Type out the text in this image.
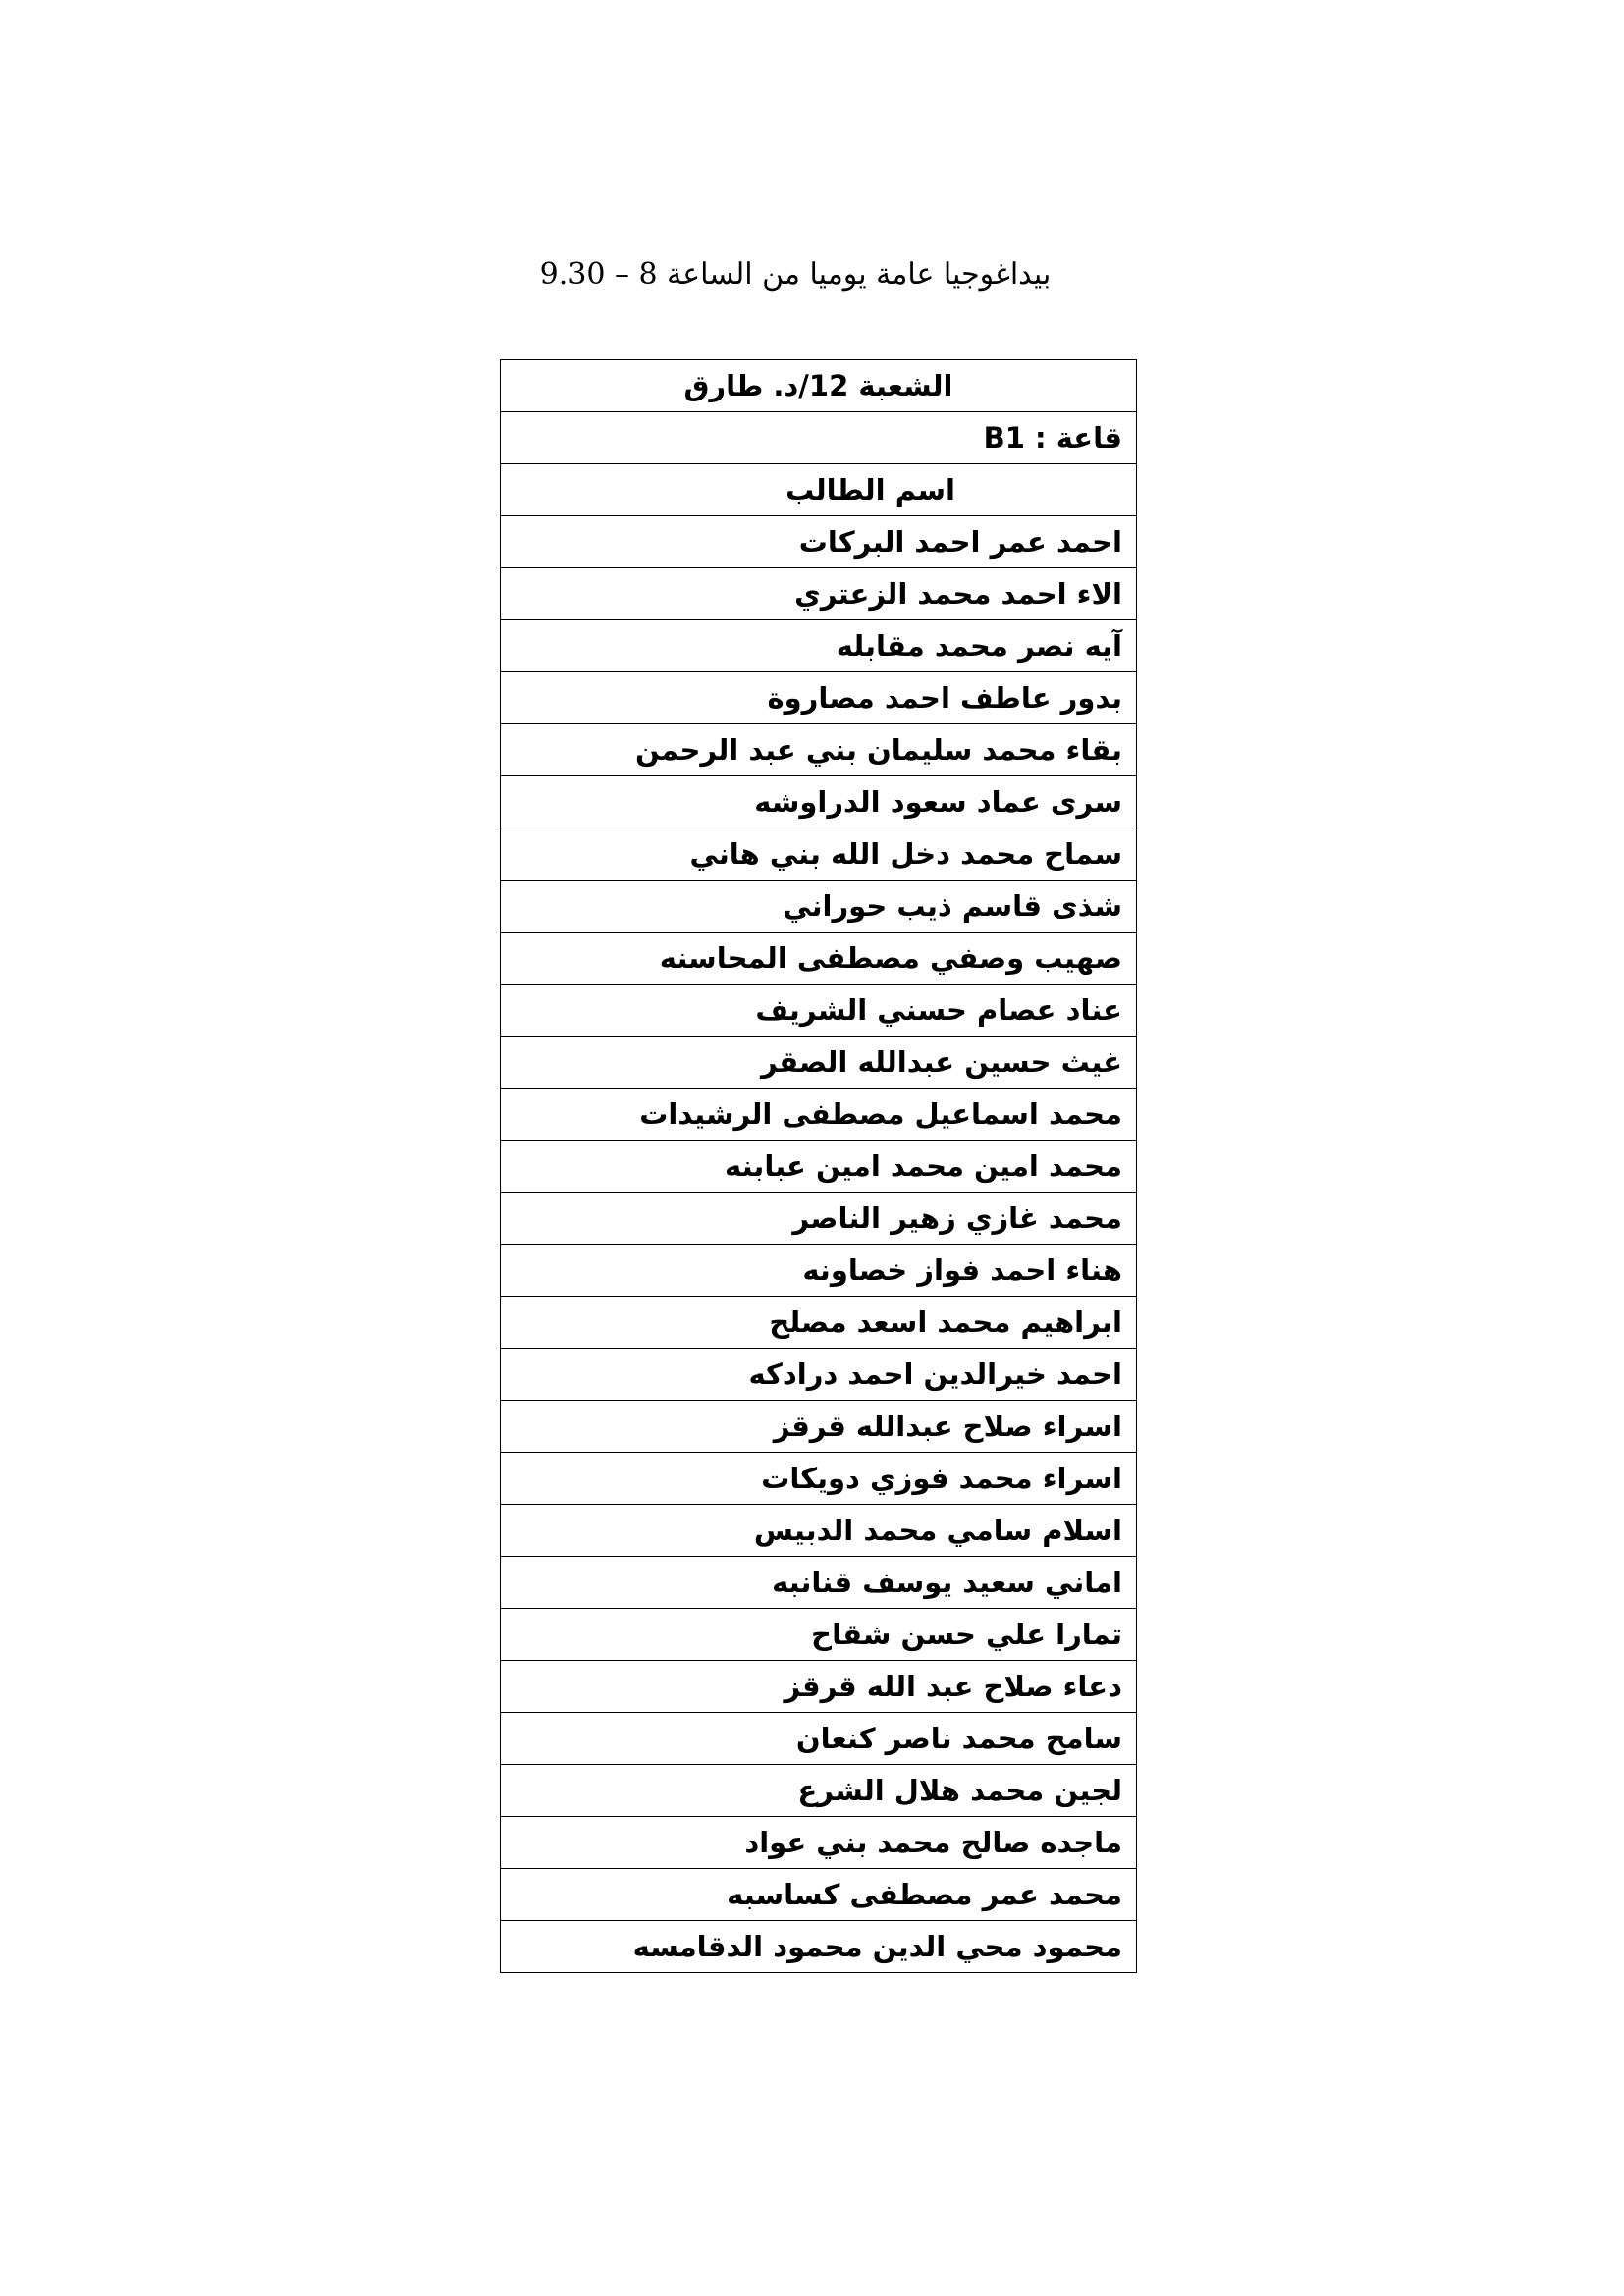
بيداغوجيا عامة يوميا من الساعة 8 – 9.30
الشعبة 12/د. طارق
قاعة : B1
اسم الطالب
احمد عمر احمد البركات
الاء احمد محمد الزعتري
آيه نصر محمد مقابله
بدور عاطف احمد مصاروة
بقاء محمد سليمان بني عبد الرحمن
سرى عماد سعود الدراوشه
سماح محمد دخل الله بني هاني
شذى قاسم ذيب حوراني
صهيب وصفي مصطفى المحاسنه
عناد عصام حسني الشريف
غيث حسين عبدالله الصقر
محمد اسماعيل مصطفى الرشيدات
محمد امين محمد امين عبابنه
محمد غازي زهير الناصر
هناء احمد فواز خصاونه
ابراهيم محمد اسعد مصلح
احمد خيرالدين احمد درادكه
اسراء صلاح عبدالله قرقز
اسراء محمد فوزي دويكات
اسلام سامي محمد الدبيس
اماني سعيد يوسف قنانبه
تمارا علي حسن شقاح
دعاء صلاح عبد الله قرقز
سامح محمد ناصر كنعان
لجين محمد هلال الشرع
ماجده صالح محمد بني عواد
محمد عمر مصطفى كساسبه
محمود محي الدين محمود الدقامسه
